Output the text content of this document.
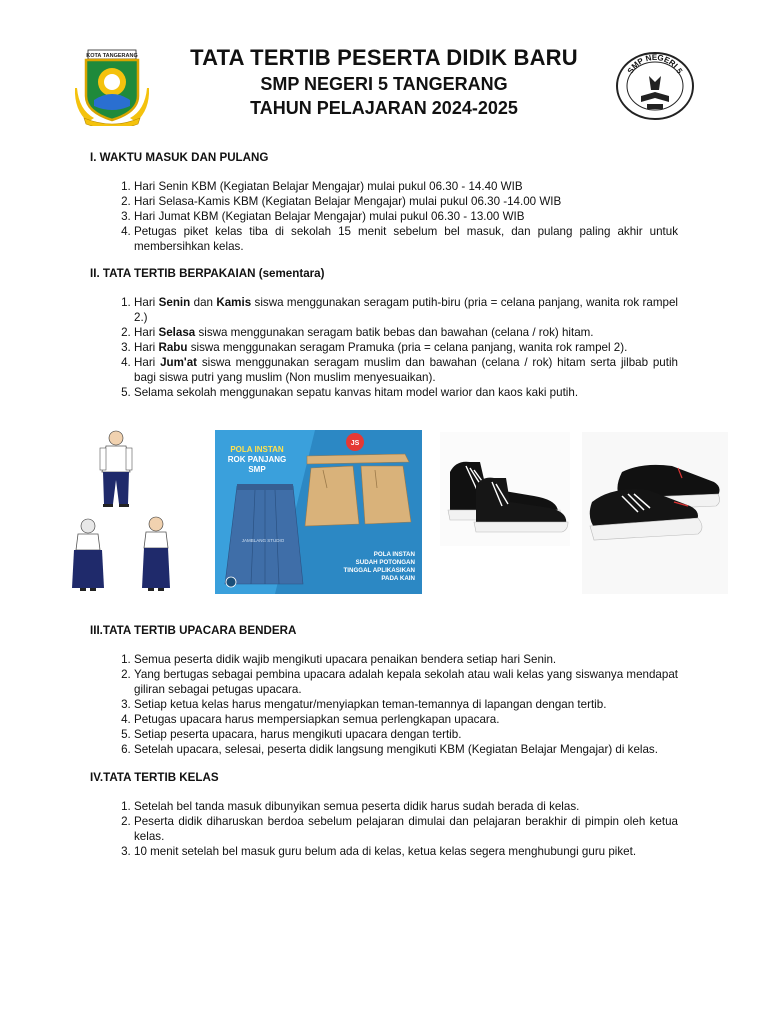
KOTA TANGERANG	TATA TERTIB PESERTA DIDIK BARU
SMP NEGERI 5 TANGERANG
TAHUN PELAJARAN 2024-2025
SMP NEGERI 5

I. WAKTU MASUK DAN PULANG

1. Hari Senin KBM (Kegiatan Belajar Mengajar) mulai pukul 06.30 - 14.40 WIB
2. Hari Selasa-Kamis KBM (Kegiatan Belajar Mengajar) mulai pukul 06.30 -14.00 WIB
3. Hari Jumat KBM (Kegiatan Belajar Mengajar) mulai pukul 06.30 - 13.00 WIB
4. Petugas piket kelas tiba di sekolah 15 menit sebelum bel masuk, dan pulang paling akhir untuk membersihkan kelas.

II. TATA TERTIB BERPAKAIAN (sementara)

1. Hari Senin dan Kamis siswa menggunakan seragam putih-biru (pria = celana panjang, wanita rok rampel 2.)
2. Hari Selasa siswa menggunakan seragam batik bebas dan bawahan (celana / rok) hitam.
3. Hari Rabu siswa menggunakan seragam Pramuka (pria = celana panjang, wanita rok rampel 2).
4. Hari Jum'at siswa menggunakan seragam muslim dan bawahan (celana / rok) hitam serta jilbab putih bagi siswa putri yang muslim (Non muslim menyesuaikan).
5. Selama sekolah menggunakan sepatu kanvas hitam model warior dan kaos kaki putih.

III.TATA TERTIB UPACARA BENDERA

1. Semua peserta didik wajib mengikuti upacara penaikan bendera setiap hari Senin.
2. Yang bertugas sebagai pembina upacara adalah kepala sekolah atau wali kelas yang siswanya mendapat giliran sebagai petugas upacara.
3. Setiap ketua kelas harus mengatur/menyiapkan teman-temannya di lapangan dengan tertib.
4. Petugas upacara harus mempersiapkan semua perlengkapan upacara.
5. Setiap peserta upacara, harus mengikuti upacara dengan tertib.
6. Setelah upacara, selesai, peserta didik langsung mengikuti KBM (Kegiatan Belajar Mengajar) di kelas.

IV.TATA TERTIB KELAS

1. Setelah bel tanda masuk dibunyikan semua peserta didik harus sudah berada di kelas.
2. Peserta didik diharuskan berdoa sebelum pelajaran dimulai dan pelajaran berakhir di pimpin oleh ketua kelas.
3. 10 menit setelah bel masuk guru belum ada di kelas, ketua kelas segera menghubungi guru piket.
POLA INSTAN
ROK PANJANG
SMP
JS
JAMBLANG STUDIO
POLA INSTAN
SUDAH POTONGAN
TINGGAL APLIKASIKAN
PADA KAIN
